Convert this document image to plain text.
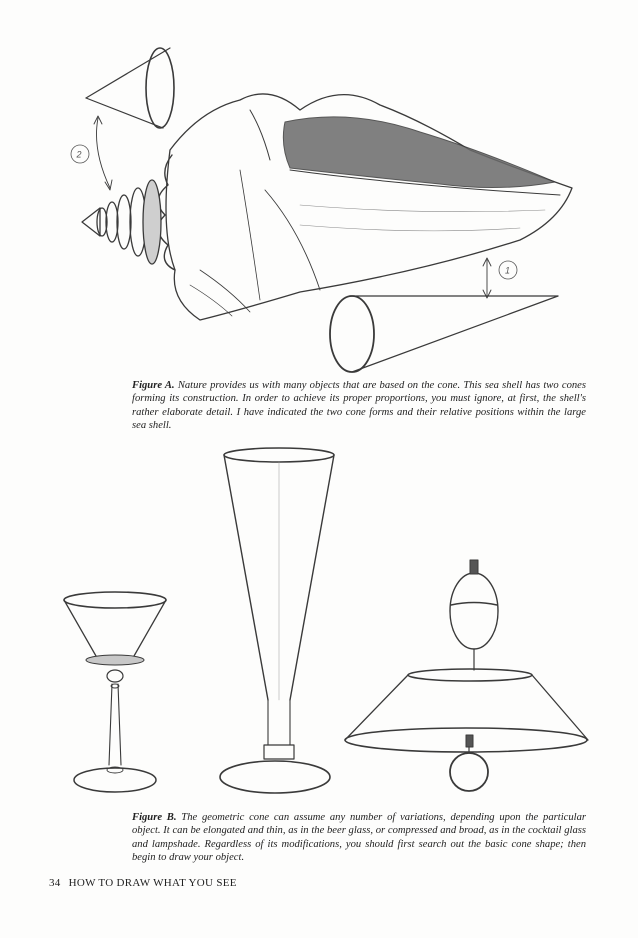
2
1
Figure A. Nature provides us with many objects that are based on the cone. This sea shell has two cones forming its construction. In order to achieve its proper proportions, you must ignore, at first, the shell's rather elaborate detail. I have indicated the two cone forms and their relative positions within the large sea shell.
Figure B. The geometric cone can assume any number of variations, depending upon the particular object. It can be elongated and thin, as in the beer glass, or compressed and broad, as in the cocktail glass and lampshade. Regardless of its modifications, you should first search out the basic cone shape; then begin to draw your object.
34 HOW TO DRAW WHAT YOU SEE
